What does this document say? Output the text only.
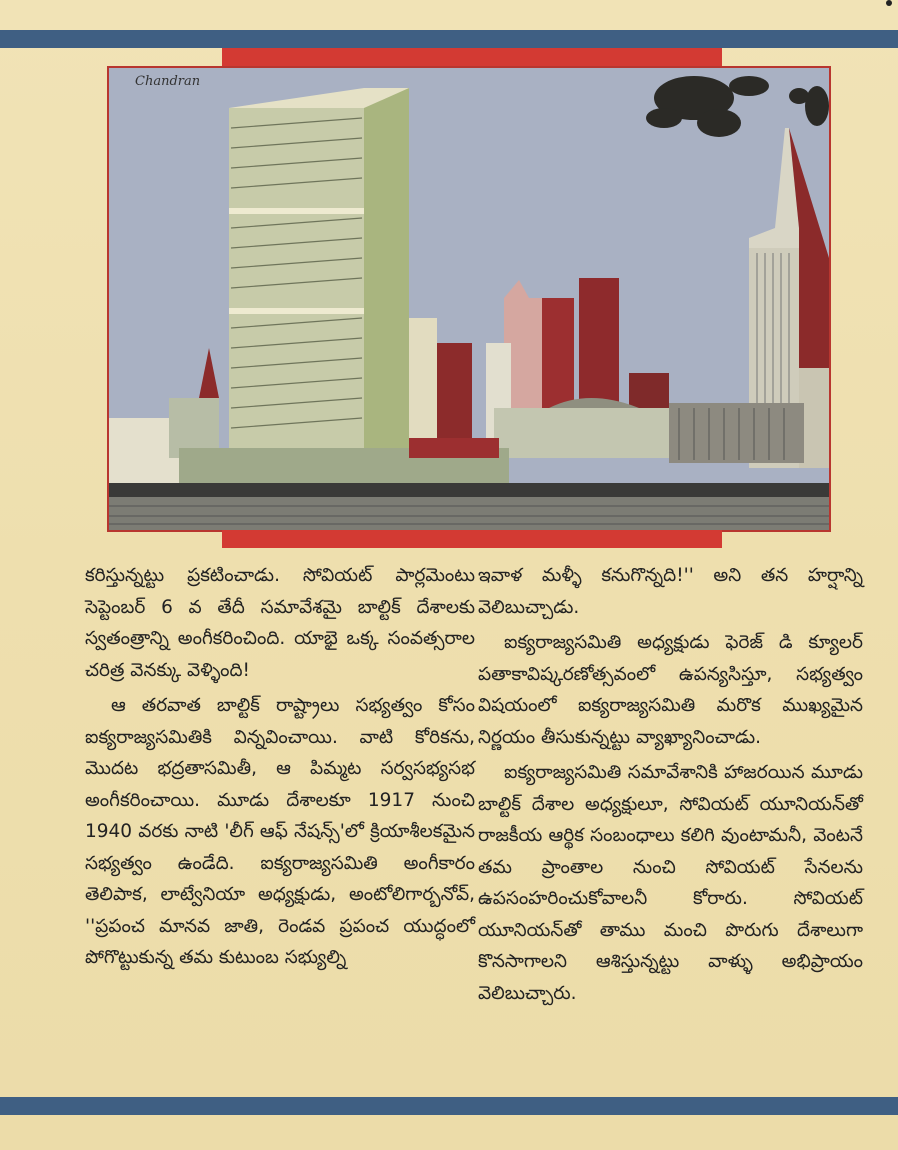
Chandran

కరిస్తున్నట్టు ప్రకటించాడు. సోవియట్ పార్లమెంటు సెప్టెంబర్ 6 వ తేదీ సమావేశమై బాల్టిక్ దేశాలకు స్వతంత్రాన్ని అంగీకరించింది. యాభై ఒక్క సంవత్సరాల చరిత్ర వెనక్కు వెళ్ళింది!

ఆ తరవాత బాల్టిక్ రాష్ట్రాలు సభ్యత్వం కోసం ఐక్యరాజ్యసమితికి విన్నవించాయి. వాటి కోరికను, మొదట భద్రతాసమితీ, ఆ పిమ్మట సర్వసభ్యసభ అంగీకరించాయి. మూడు దేశాలకూ 1917 నుంచి 1940 వరకు నాటి 'లీగ్ ఆఫ్ నేషన్స్'లో క్రియాశీలకమైన సభ్యత్వం ఉండేది. ఐక్యరాజ్యసమితి అంగీకారం తెలిపాక, లాట్వేనియా అధ్యక్షుడు, అంటోలిగార్బనోవ్, ''ప్రపంచ మానవ జాతి, రెండవ ప్రపంచ యుద్ధంలో పోగొట్టుకున్న తమ కుటుంబ సభ్యుల్ని

ఇవాళ మళ్ళీ కనుగొన్నది!'' అని తన హర్షాన్ని వెలిబుచ్చాడు.

ఐక్యరాజ్యసమితి అధ్యక్షుడు ఫెరెజ్ డి క్యూలర్ పతాకావిష్కరణోత్సవంలో ఉపన్యసిస్తూ, సభ్యత్వం విషయంలో ఐక్యరాజ్యసమితి మరొక ముఖ్యమైన నిర్ణయం తీసుకున్నట్టు వ్యాఖ్యానించాడు.

ఐక్యరాజ్యసమితి సమావేశానికి హాజరయిన మూడు బాల్టిక్ దేశాల అధ్యక్షులూ, సోవియట్ యూనియన్‌తో రాజకీయ ఆర్థిక సంబంధాలు కలిగి వుంటామనీ, వెంటనే తమ ప్రాంతాల నుంచి సోవియట్ సేనలను ఉపసంహరించుకోవాలనీ కోరారు. సోవియట్ యూనియన్‌తో తాము మంచి పొరుగు దేశాలుగా కొనసాగాలని ఆశిస్తున్నట్టు వాళ్ళు అభిప్రాయం వెలిబుచ్చారు.
